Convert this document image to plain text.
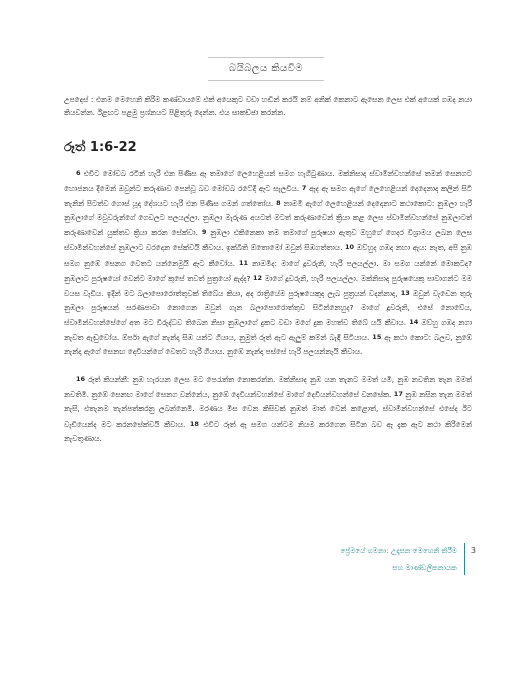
බයිබලය කියවීම
උපදෙස් : එනම මෙහෙනි කිරීම කණ්ඩායමේ එක් අයෙකුට වඩා හඬින් කරයි නම් අනික් කෙනාට ඇසෙන ලෙස එක් අයෙක් ගඹද නයා කියවන්න. ඊළඟට පළමු ප්‍රශ්නයට පිළිතුරු දෙන්න. එය සාකච්ඡා කරන්න.
රූත් 1:6-22

6 එවිට මෝවබ රටින් හැරී එන පිණිස ඈ තමාගේ ලෙහෙළියන් සමග හැගිටුණාය. මක්නිසාද ස්වාමීන්වහන්සේ තමන් සෙනගට හොජනය දීමෙන් ඔවුන්ට කරුණාව පෙන්වූ බව මෝවබ රටේදී ඈට සැලවිය. 7 ඈද ඈ සමග ඇගේ ලෙහෙළියන් දෙදෙනාද කලින් සිටි තැනින් පිටත්ව ගොස් යූදා දේශයට හැරී එන පිණිස ගමන් ගත්තෝය. 8 නාඔමී ඇගේ ලෙහෙළියන් දෙදෙනාට කථාකොට: නුඹලා හැරී නුඹලාගේ මවුවරුන්ගේ ගෙවලට පලයල්ලා. නුඹලා මැරුණ අයටත් මටත් කරුණාවෙන් ක්‍රියා කළ ලෙස ස්වාමීන්වහන්සේ නුඹලාටත් කරුණාවෙන් යුක්තව ක්‍රියා කරන සේක්වා. 9 නුඹලා එකිනෙකා තම තමාගේ පුරුෂයා ඇතුව ඔහුගේ ගෙදර විශ්‍රාමය ලබන ලෙස ස්වාමීන්වහන්සේ නුඹලාට වරදෙන සේක්වයි කීවාය. ඉක්බිති ඕතොමෝ ඔවුන් සිඹගත්තාය. 10 ඔව්හුද ගඹද නහා ඇය: නැත, අපි නුඹ සමග නුඹේ සෙනග වෙතට යන්නෙමුයි ඈට කීවෝය. 11 නාඔමීද: මාගේ දූවරුනි, හැරී පලයල්ලා. මා සමග යන්නේ මොකටද? නුඹලාට පුරුෂයෝ වෙන්ට මාගේ කුසේ තවත් පුත්‍රයෝ ඇද්ද? 12 මාගේ දූවරුනි, හැරී පලයල්ලා. මක්නිසාද පුරුෂයෙකු පාවාගන්ට මම වයස වැඩිය. ඉදින් මට බලාපොරොත්තුවක් තිබේය කියා, අද රාත්‍රියේම පුරුෂයෙකුද ලැබ පුත්‍රයන් වදන්නාද, 13 ඔවුන් වැඩෙන තුරු නුඹලා පුරුෂයන් සරණපාවා නොගෙන ඔවුන් ගැන බලාපොරොත්තුව සිටින්නෙහුද? මාගේ දූවරුනි, එසේ නොවේය, ස්වාමීන්වහන්සේගේ අත මට විරුද්ධව තිබෙන නිසා නුඹලාගේ දුකට වඩා මගේ දුක මහත්ව තිබේ යයි කීවාය. 14 ඔව්හු ගඹද නගා නැවත ඇඬුවෝය. ඕර්පා ඇගේ නැන්දා සිඹ යන්ට ගියාය, නුමුත් රූත් ඈට ඇලුම් කම්න් බැඳී සිටියාය. 15 ඈ කථා කොට: බලව, නුඹේ නැන්දා ඇගේ සෙනඟ දෙවියන්ගේ වෙතට හැරී ගියාය. නුඹේ නැන්දා පස්සේ හැරී පලයන්නැයි කීවාය.

16 රූත් කියන්නී: නුඹ හැරයන ලෙස මට පෙරැත්ත නොකරන්න. මක්නිසාද නුඹ යන තැනට මමත් යමි, නුඹ නවතින තැන මමත් නවතිමි. නුඹේ සෙනඟ මාගේ සෙනග වන්නේය, නුඹේ දෙවියන්වහන්සේ මාගේ දෙවියන්වහන්සේ වනසේක. 17 නුඹ නසින තැන මමත් නැසි, එතැනම තැන්පත්කරනු ලබන්නෙමි. මරණය මිස වෙන කිසිවක් නුඹත් මාත් වෙන් කළොත්, ස්වාමීන්වහන්සේ එසේද ඊට වැඩියෙන්ද මට කරනසේක්වයි කීවාය. 18 එවිට රූත් ඈ සමග යන්ටම නියම කරගෙන සිටින බව ඈ දැක ඈට කථා කිරීමෙන් නැවතුණාය.

ප්‍රේමයේ ගමනා: උදෑසන මෙහෙනි කිරීම
සහ මාණ්ඩලිකනායක
3
